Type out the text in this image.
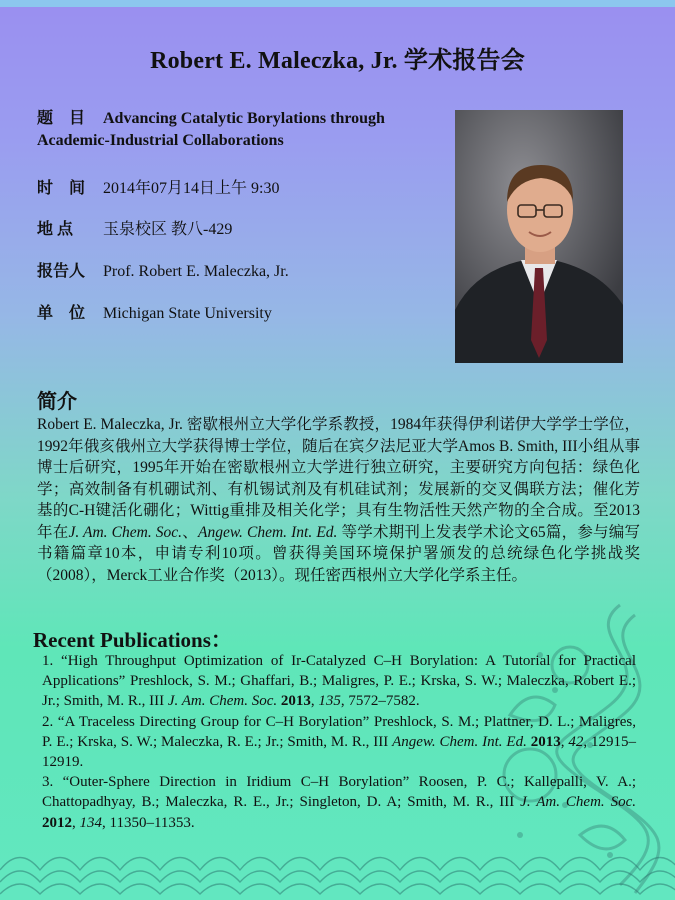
Robert E. Maleczka, Jr. 学术报告会
题　目 Advancing Catalytic Borylations through
Academic-Industrial Collaborations
时　间 2014年07月14日上午 9:30
地 点 玉泉校区 教八-429
报告人 Prof. Robert E. Maleczka, Jr.
单　位 Michigan State University
简介
Robert E. Maleczka, Jr. 密歇根州立大学化学系教授，1984年获得伊利诺伊大学学士学位，1992年俄亥俄州立大学获得博士学位，随后在宾夕法尼亚大学Amos B. Smith, III小组从事博士后研究，1995年开始在密歇根州立大学进行独立研究，主要研究方向包括：绿色化学；高效制备有机硼试剂、有机锡试剂及有机硅试剂；发展新的交叉偶联方法；催化芳基的C-H键活化硼化；Wittig重排及相关化学；具有生物活性天然产物的全合成。至2013年在J. Am. Chem. Soc.、Angew. Chem. Int. Ed. 等学术期刊上发表学术论文65篇，参与编写书籍篇章10本，申请专利10项。曾获得美国环境保护署颁发的总统绿色化学挑战奖（2008），Merck工业合作奖（2013）。现任密西根州立大学化学系主任。
Recent Publications：

1. “High Throughput Optimization of Ir-Catalyzed C–H Borylation: A Tutorial for Practical Applications” Preshlock, S. M.; Ghaffari, B.; Maligres, P. E.; Krska, S. W.; Maleczka, Robert E.; Jr.; Smith, M. R., III J. Am. Chem. Soc. 2013, 135, 7572–7582.

2. “A Traceless Directing Group for C–H Borylation” Preshlock, S. M.; Plattner, D. L.; Maligres, P. E.; Krska, S. W.; Maleczka, R. E.; Jr.; Smith, M. R., III Angew. Chem. Int. Ed. 2013, 42, 12915– 12919.

3. “Outer-Sphere Direction in Iridium C–H Borylation” Roosen, P. C.; Kallepalli, V. A.; Chattopadhyay, B.; Maleczka, R. E., Jr.; Singleton, D. A; Smith, M. R., III J. Am. Chem. Soc. 2012, 134, 11350–11353.
